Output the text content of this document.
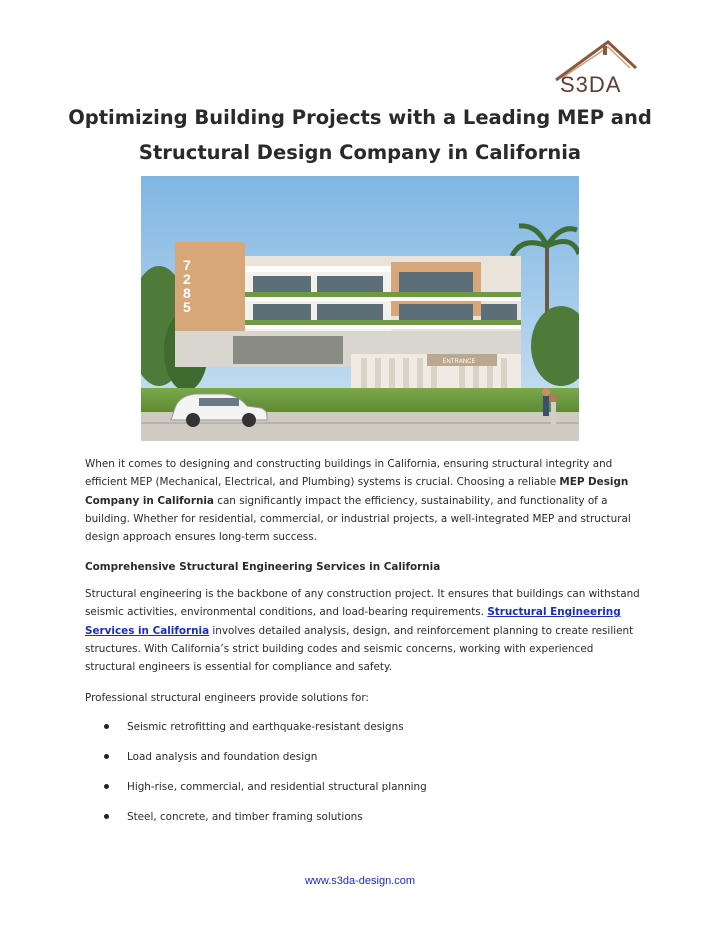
S3DA
Optimizing Building Projects with a Leading MEP and
Structural Design Company in California
ENTRANCE
7 2 8 5
When it comes to designing and constructing buildings in California, ensuring structural integrity and efficient MEP (Mechanical, Electrical, and Plumbing) systems is crucial. Choosing a reliable MEP Design Company in California can significantly impact the efficiency, sustainability, and functionality of a building. Whether for residential, commercial, or industrial projects, a well-integrated MEP and structural design approach ensures long-term success.
Comprehensive Structural Engineering Services in California
Structural engineering is the backbone of any construction project. It ensures that buildings can withstand seismic activities, environmental conditions, and load-bearing requirements. Structural Engineering Services in California involves detailed analysis, design, and reinforcement planning to create resilient structures. With California’s strict building codes and seismic concerns, working with experienced structural engineers is essential for compliance and safety.
Professional structural engineers provide solutions for:
Seismic retrofitting and earthquake-resistant designs
Load analysis and foundation design
High-rise, commercial, and residential structural planning
Steel, concrete, and timber framing solutions
www.s3da-design.com
